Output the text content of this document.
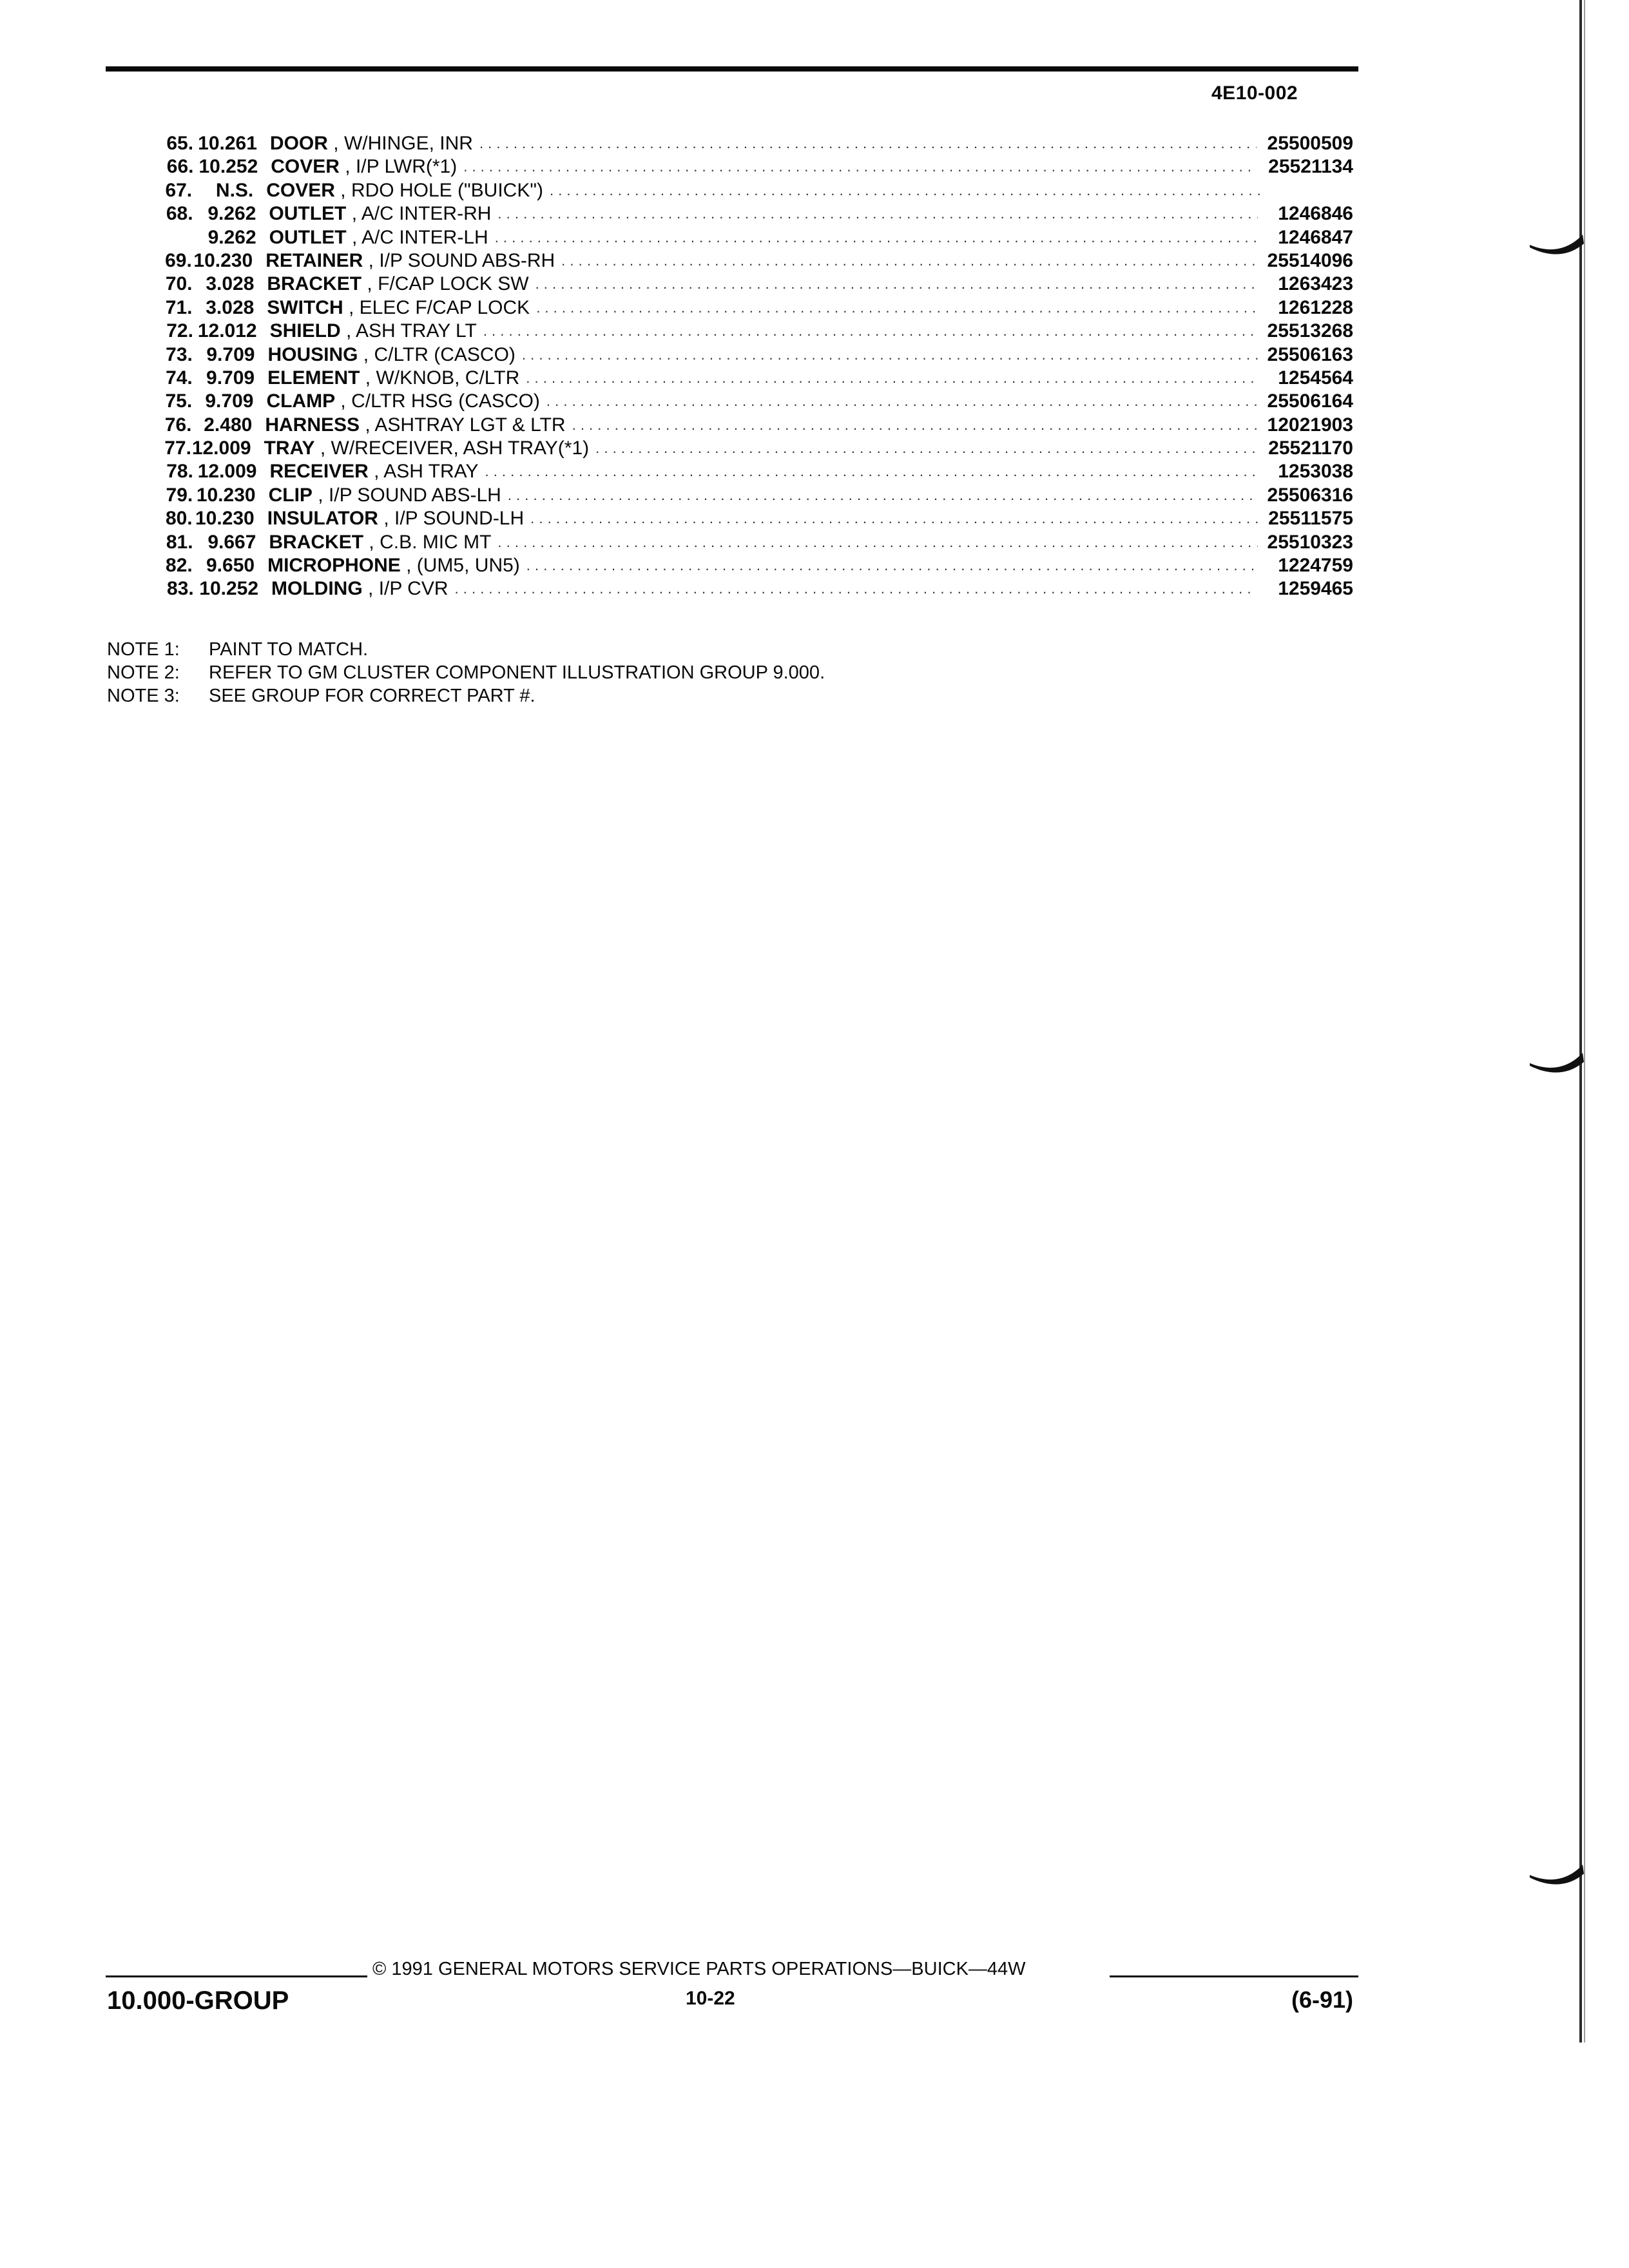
4E10-002
65. 10.261 DOOR , W/HINGE, INR . . .	25500509
66. 10.252 COVER , I/P LWR(*1) . . .	25521134
67.	N.S. COVER , RDO HOLE ("BUICK") . . .
68. 9.262 OUTLET , A/C INTER-RH . . .	1246846
9.262 OUTLET , A/C INTER-LH . . .	1246847
69. 10.230 RETAINER , I/P SOUND ABS-RH . . .	25514096
70. 3.028 BRACKET , F/CAP LOCK SW . . .	1263423
71. 3.028 SWITCH , ELEC F/CAP LOCK . . .	1261228
72. 12.012 SHIELD , ASH TRAY LT . . .	25513268
73. 9.709 HOUSING , C/LTR (CASCO) . . .	25506163
74. 9.709 ELEMENT , W/KNOB, C/LTR . . .	1254564
75. 9.709 CLAMP , C/LTR HSG (CASCO) . . .	25506164
76. 2.480 HARNESS , ASHTRAY LGT & LTR . . .	12021903
77. 12.009 TRAY , W/RECEIVER, ASH TRAY(*1) . . .	25521170
78. 12.009 RECEIVER , ASH TRAY . . .	1253038
79. 10.230 CLIP , I/P SOUND ABS-LH . . .	25506316
80. 10.230 INSULATOR , I/P SOUND-LH . . .	25511575
81. 9.667 BRACKET , C.B. MIC MT . . .	25510323
82. 9.650 MICROPHONE , (UM5, UN5) . . .	1224759
83. 10.252 MOLDING , I/P CVR . . .	1259465
NOTE 1: PAINT TO MATCH.
NOTE 2: REFER TO GM CLUSTER COMPONENT ILLUSTRATION GROUP 9.000.
NOTE 3: SEE GROUP FOR CORRECT PART #.
© 1991 GENERAL MOTORS SERVICE PARTS OPERATIONS—BUICK—44W
10.000-GROUP	10-22	(6-91)
